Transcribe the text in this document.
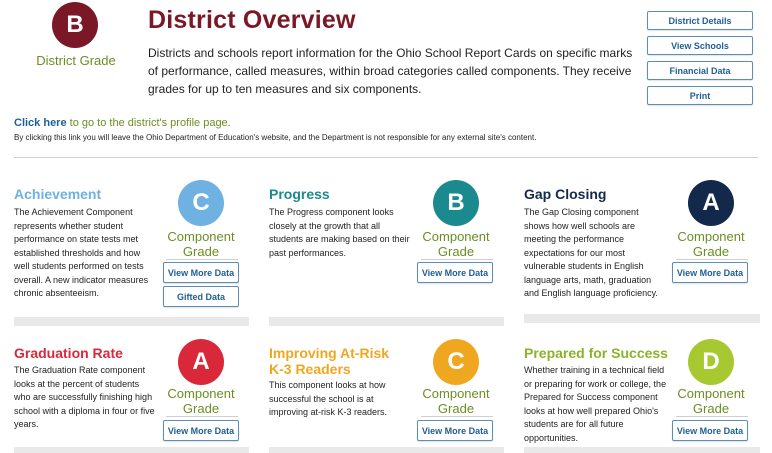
B
District Grade
District Overview
Districts and schools report information for the Ohio School Report Cards on specific marks of performance, called measures, within broad categories called components. They receive grades for up to ten measures and six components.
District Details
View Schools
Financial Data
Print
Click here to go to the district's profile page.
By clicking this link you will leave the Ohio Department of Education's website, and the Department is not responsible for any external site's content.
Achievement
The Achievement Component represents whether student performance on state tests met established thresholds and how well students performed on tests overall. A new indicator measures chronic absenteeism.
C
Component Grade
View More Data
Gifted Data
Progress
The Progress component looks closely at the growth that all students are making based on their past performances.
B
Component Grade
View More Data
Gap Closing
The Gap Closing component shows how well schools are meeting the performance expectations for our most vulnerable students in English language arts, math, graduation and English language proficiency.
A
Component Grade
View More Data
Graduation Rate
The Graduation Rate component looks at the percent of students who are successfully finishing high school with a diploma in four or five years.
A
Component Grade
View More Data
Improving At-Risk K-3 Readers
This component looks at how successful the school is at improving at-risk K-3 readers.
C
Component Grade
View More Data
Prepared for Success
Whether training in a technical field or preparing for work or college, the Prepared for Success component looks at how well prepared Ohio's students are for all future opportunities.
D
Component Grade
View More Data
